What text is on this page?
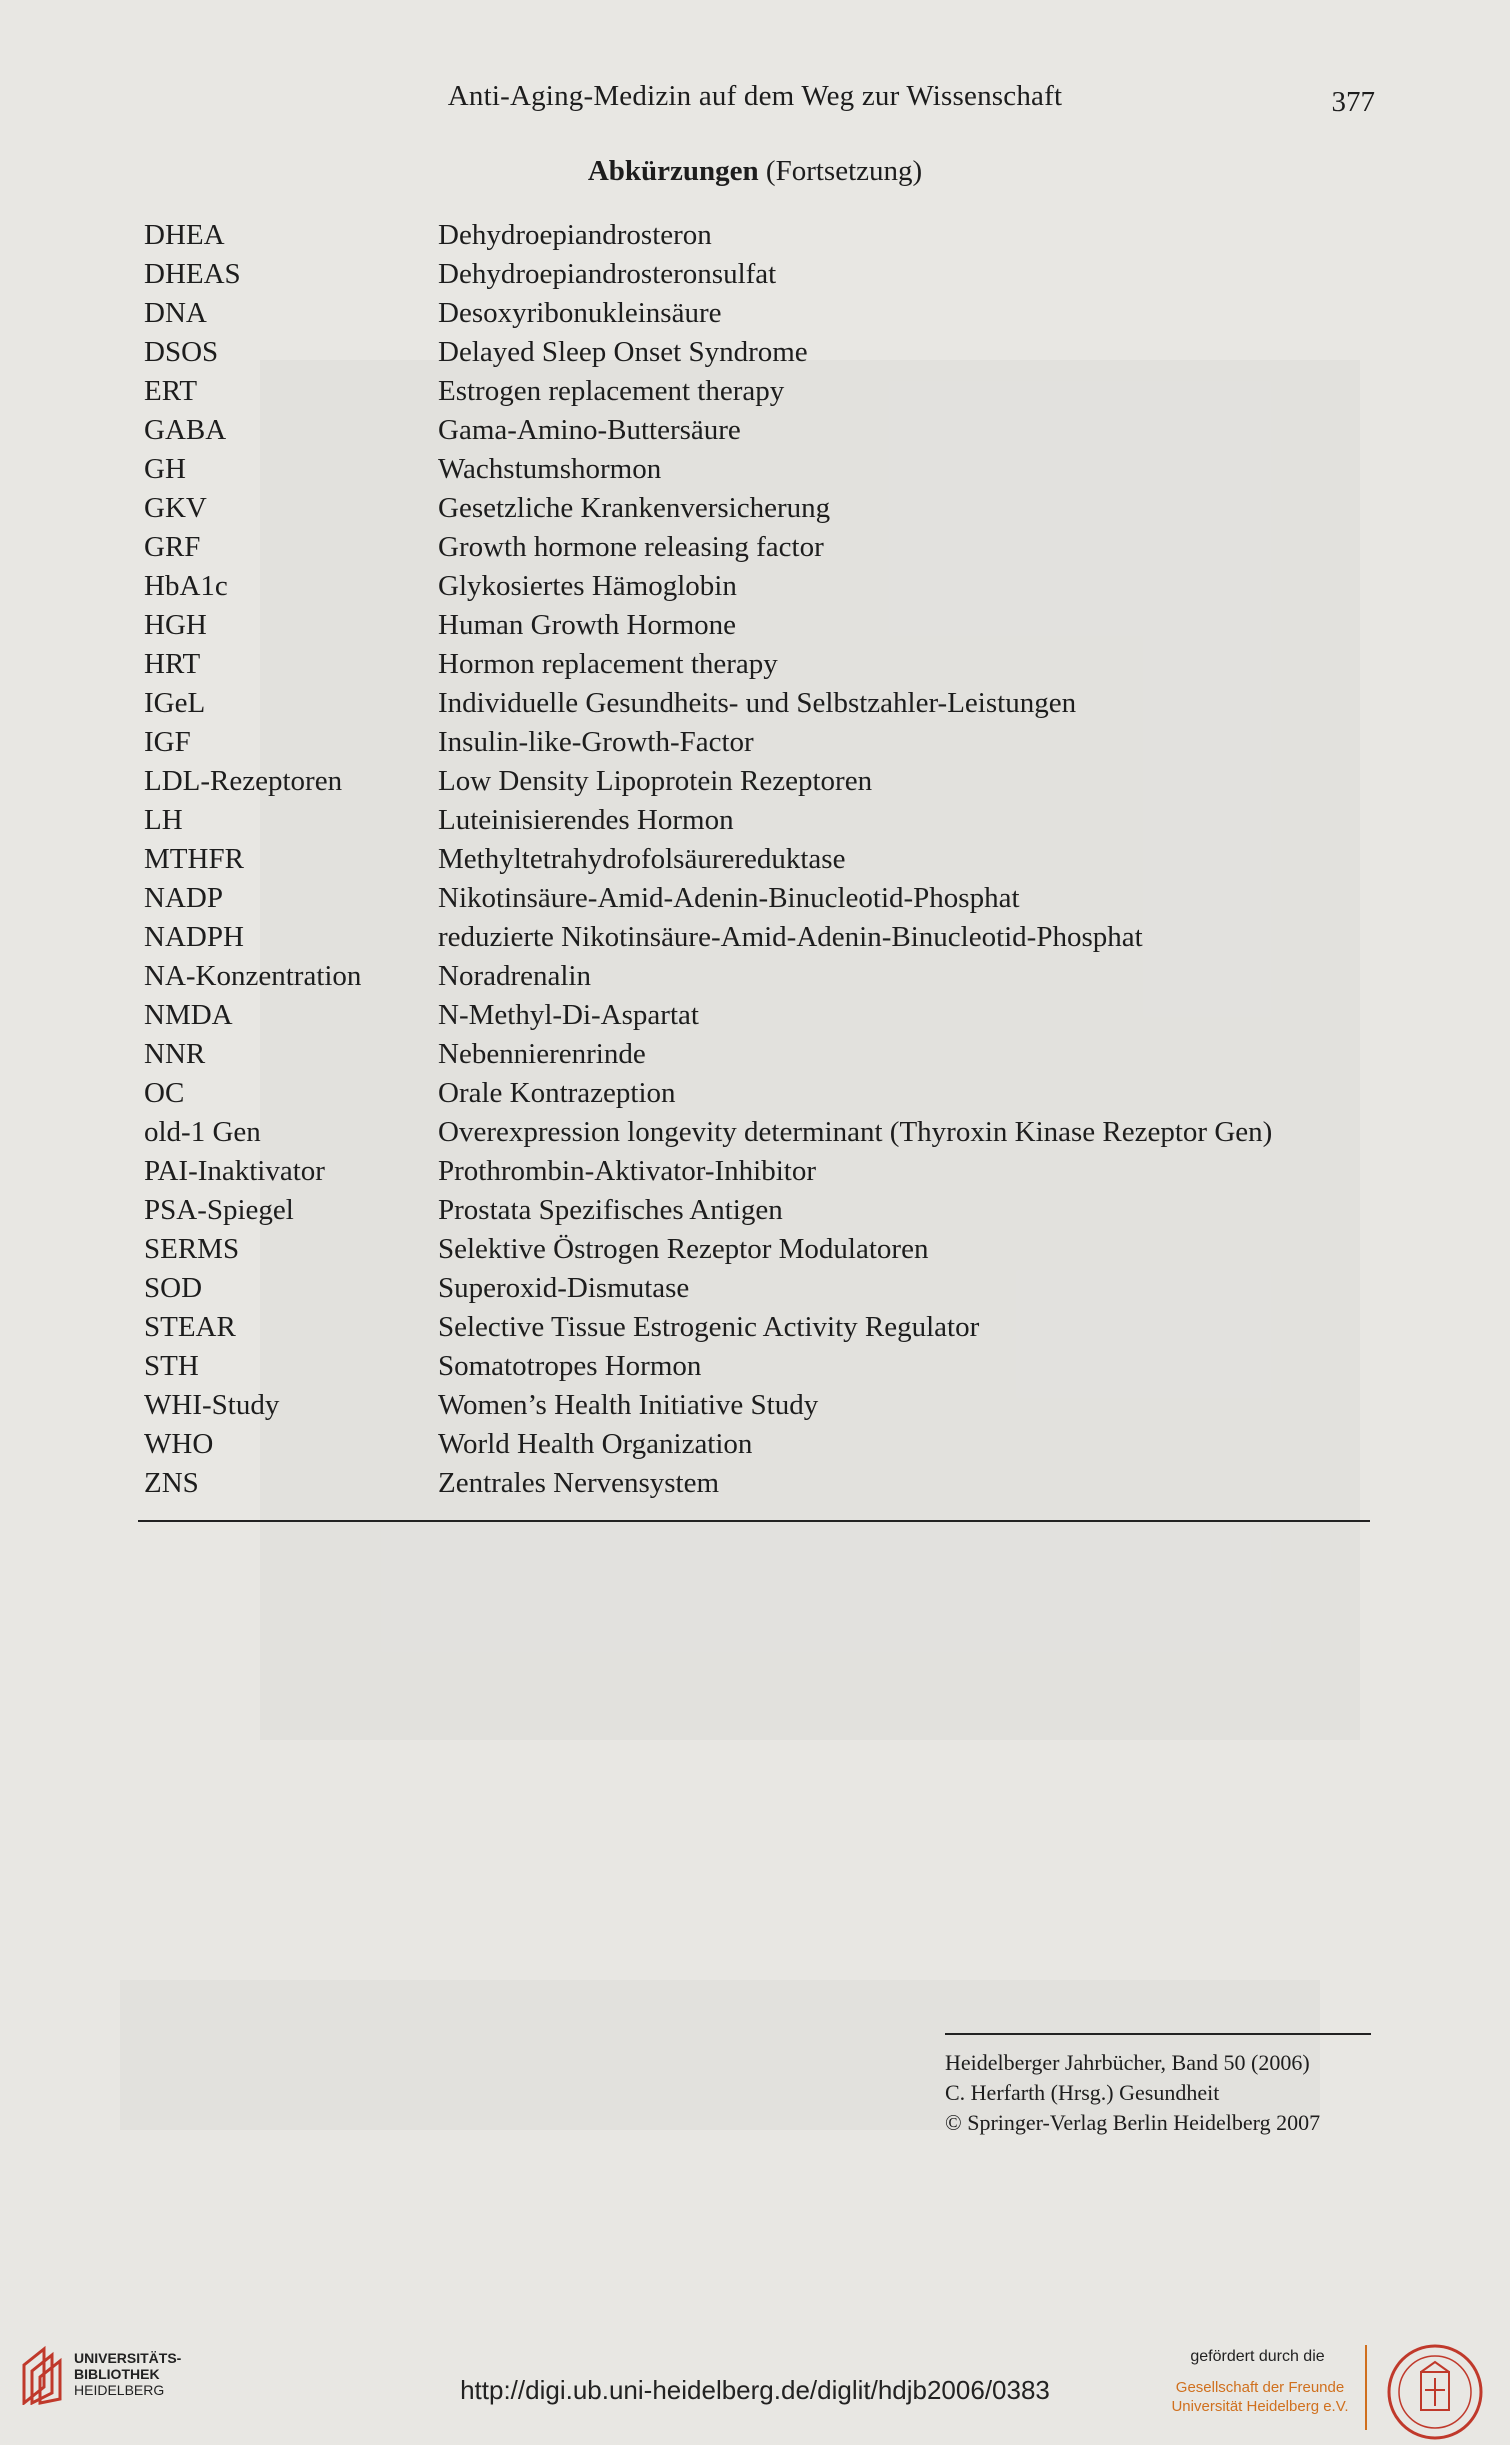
Anti-Aging-Medizin auf dem Weg zur Wissenschaft	377
Abkürzungen (Fortsetzung)
DHEA	Dehydroepiandrosteron
DHEAS	Dehydroepiandrosteronsulfat
DNA	Desoxyribonukleinsäure
DSOS	Delayed Sleep Onset Syndrome
ERT	Estrogen replacement therapy
GABA	Gama-Amino-Buttersäure
GH	Wachstumshormon
GKV	Gesetzliche Krankenversicherung
GRF	Growth hormone releasing factor
HbA1c	Glykosiertes Hämoglobin
HGH	Human Growth Hormone
HRT	Hormon replacement therapy
IGeL	Individuelle Gesundheits- und Selbstzahler-Leistungen
IGF	Insulin-like-Growth-Factor
LDL-Rezeptoren	Low Density Lipoprotein Rezeptoren
LH	Luteinisierendes Hormon
MTHFR	Methyltetrahydrofolsäurereduktase
NADP	Nikotinsäure-Amid-Adenin-Binucleotid-Phosphat
NADPH	reduzierte Nikotinsäure-Amid-Adenin-Binucleotid-Phosphat
NA-Konzentration	Noradrenalin
NMDA	N-Methyl-Di-Aspartat
NNR	Nebennierenrinde
OC	Orale Kontrazeption
old-1 Gen	Overexpression longevity determinant (Thyroxin Kinase Rezeptor Gen)
PAI-Inaktivator	Prothrombin-Aktivator-Inhibitor
PSA-Spiegel	Prostata Spezifisches Antigen
SERMS	Selektive Östrogen Rezeptor Modulatoren
SOD	Superoxid-Dismutase
STEAR	Selective Tissue Estrogenic Activity Regulator
STH	Somatotropes Hormon
WHI-Study	Women’s Health Initiative Study
WHO	World Health Organization
ZNS	Zentrales Nervensystem
Heidelberger Jahrbücher, Band 50 (2006)
C. Herfarth (Hrsg.) Gesundheit
© Springer-Verlag Berlin Heidelberg 2007
UNIVERSITÄTS-
BIBLIOTHEK
HEIDELBERG	http://digi.ub.uni-heidelberg.de/diglit/hdjb2006/0383
gefördert durch die
Gesellschaft der Freunde
Universität Heidelberg e.V.
